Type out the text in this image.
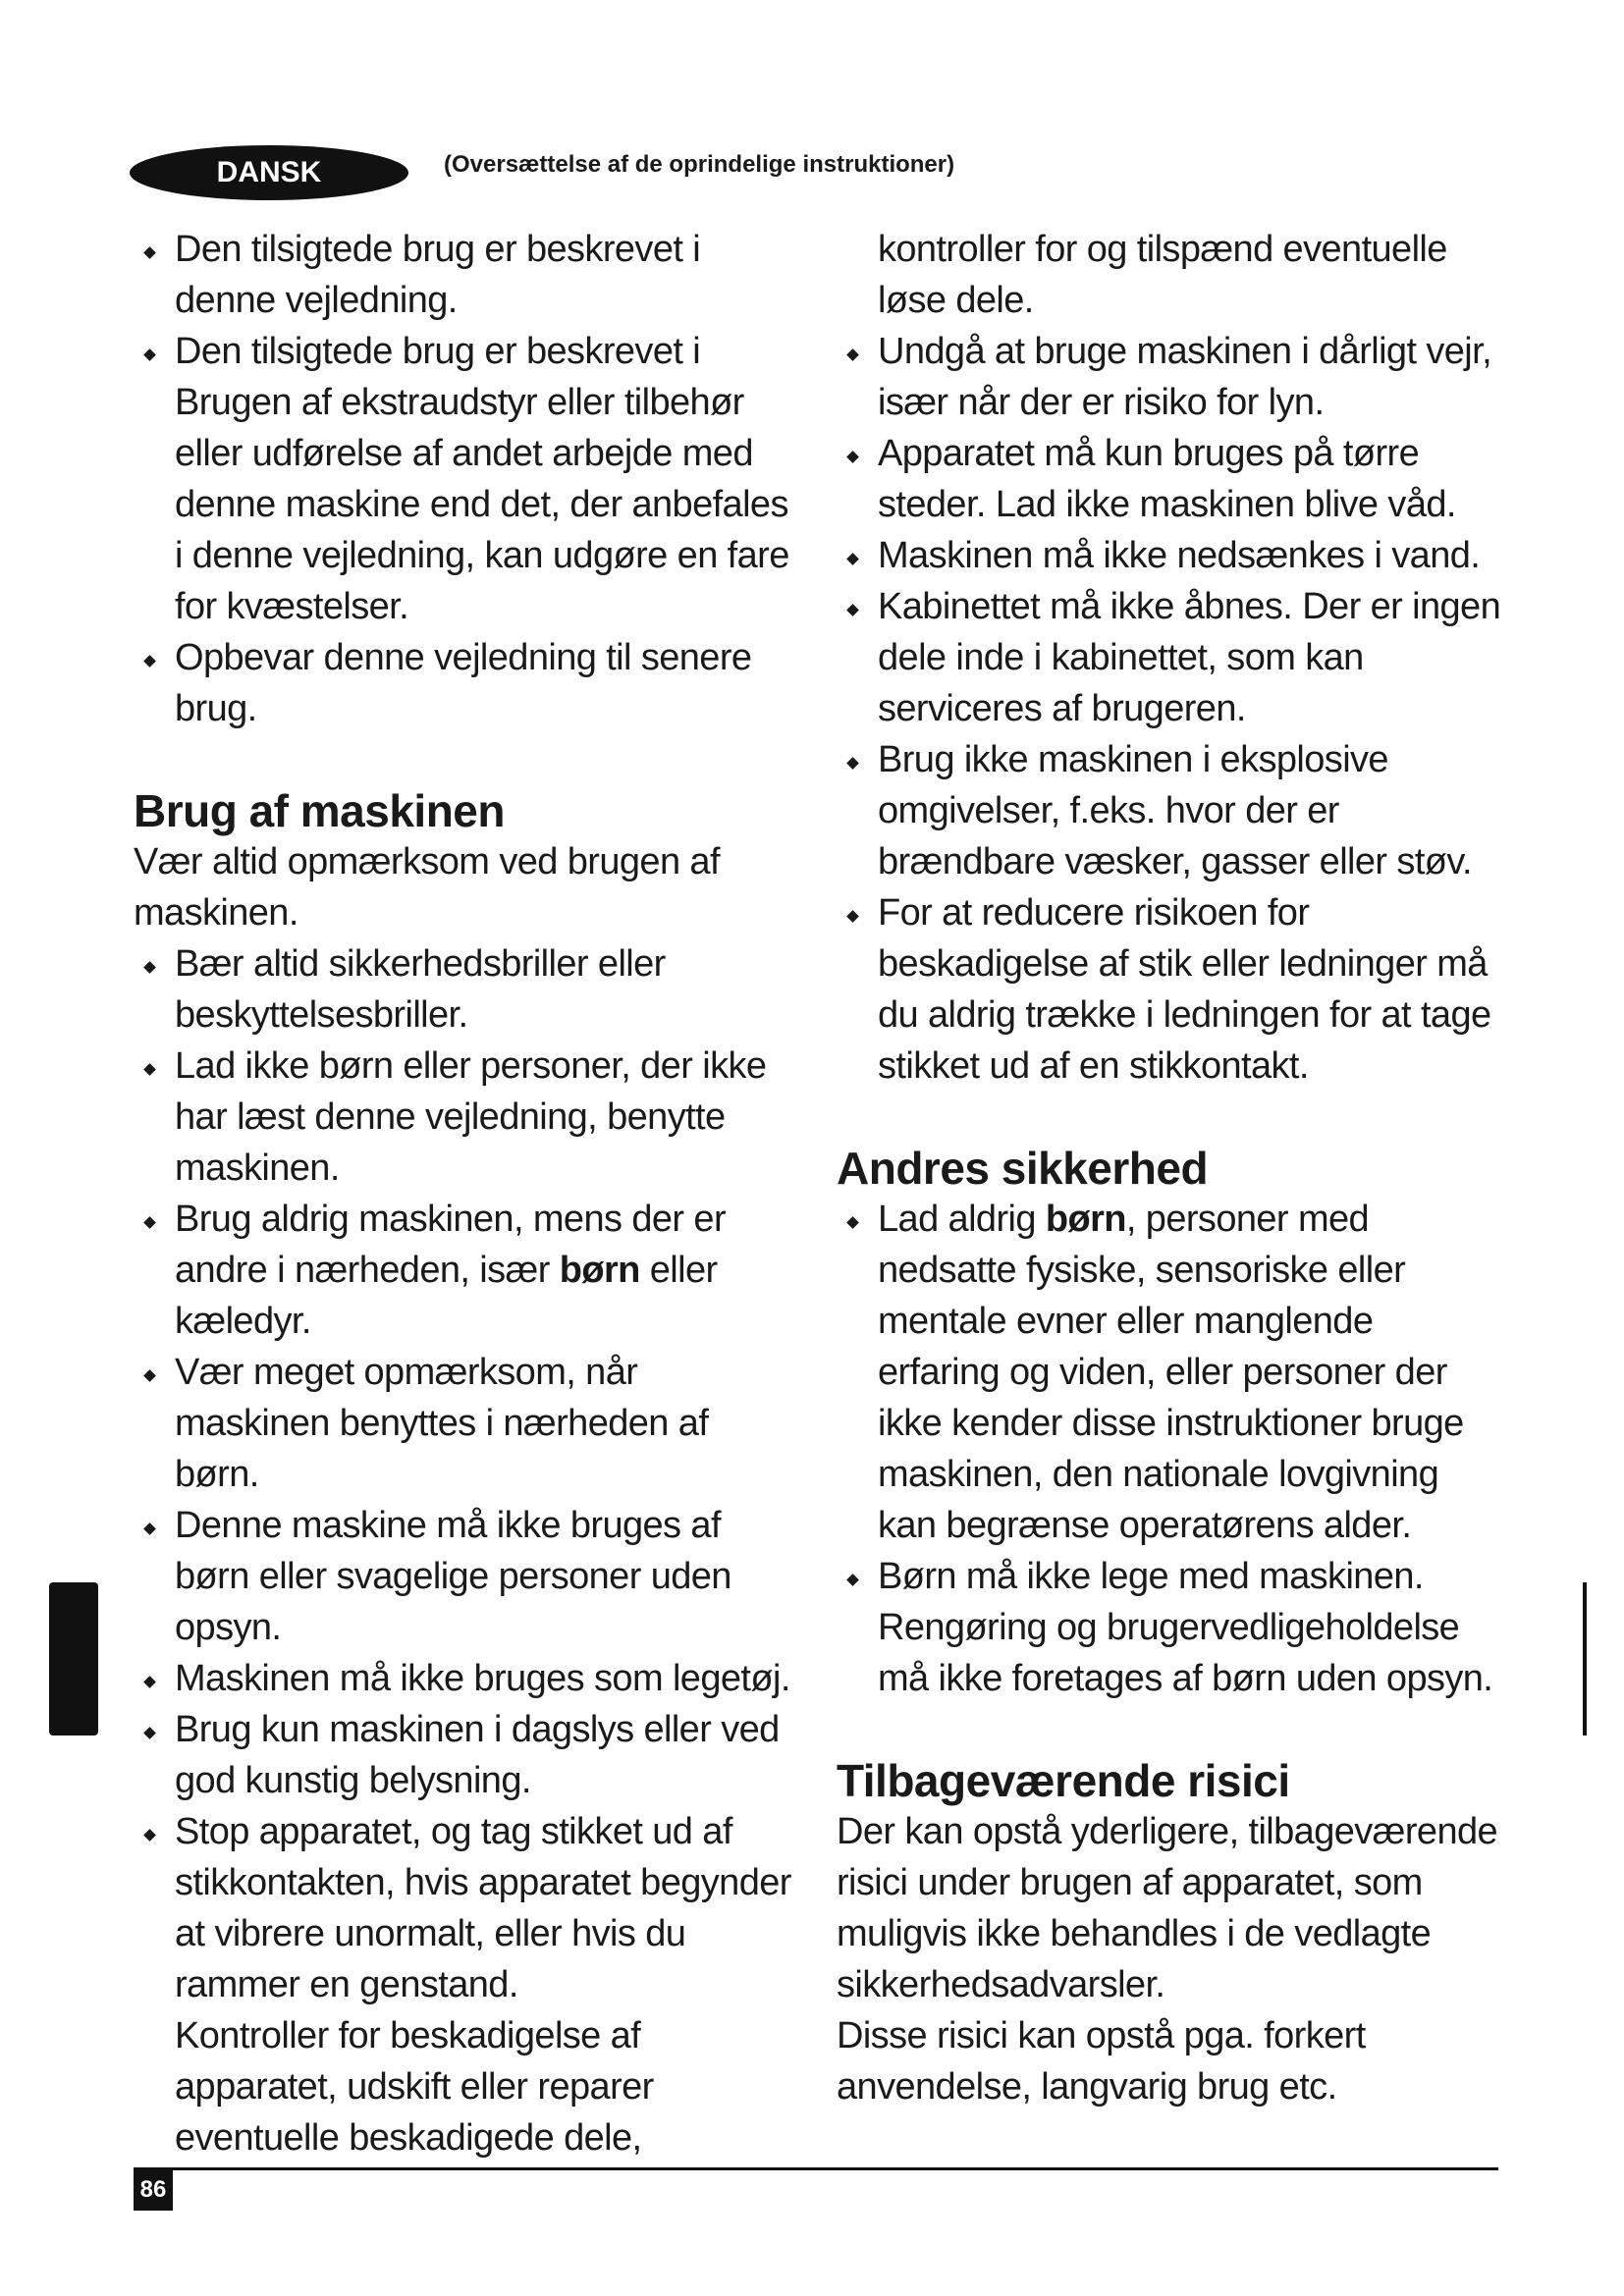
DANSK	(Oversættelse af de oprindelige instruktioner)
Den tilsigtede brug er beskrevet i denne vejledning.
Den tilsigtede brug er beskrevet i Brugen af ekstraudstyr eller tilbehør eller udførelse af andet arbejde med denne maskine end det, der anbefales i denne vejledning, kan udgøre en fare for kvæstelser.
Opbevar denne vejledning til senere brug.
Brug af maskinen
Vær altid opmærksom ved brugen af maskinen.
Bær altid sikkerhedsbriller eller beskyttelsesbriller.
Lad ikke børn eller personer, der ikke har læst denne vejledning, benytte maskinen.
Brug aldrig maskinen, mens der er andre i nærheden, især børn eller kæledyr.
Vær meget opmærksom, når maskinen benyttes i nærheden af børn.
Denne maskine må ikke bruges af børn eller svagelige personer uden opsyn.
Maskinen må ikke bruges som legetøj.
Brug kun maskinen i dagslys eller ved god kunstig belysning.
Stop apparatet, og tag stikket ud af stikkontakten, hvis apparatet begynder at vibrere unormalt, eller hvis du rammer en genstand.
Kontroller for beskadigelse af apparatet, udskift eller reparer eventuelle beskadigede dele,
kontroller for og tilspænd eventuelle løse dele.
Undgå at bruge maskinen i dårligt vejr, især når der er risiko for lyn.
Apparatet må kun bruges på tørre steder. Lad ikke maskinen blive våd.
Maskinen må ikke nedsænkes i vand.
Kabinettet må ikke åbnes. Der er ingen dele inde i kabinettet, som kan serviceres af brugeren.
Brug ikke maskinen i eksplosive omgivelser, f.eks. hvor der er brændbare væsker, gasser eller støv.
For at reducere risikoen for beskadigelse af stik eller ledninger må du aldrig trække i ledningen for at tage stikket ud af en stikkontakt.
Andres sikkerhed
Lad aldrig børn, personer med nedsatte fysiske, sensoriske eller mentale evner eller manglende erfaring og viden, eller personer der ikke kender disse instruktioner bruge maskinen, den nationale lovgivning kan begrænse operatørens alder.
Børn må ikke lege med maskinen. Rengøring og brugervedligeholdelse må ikke foretages af børn uden opsyn.
Tilbageværende risici
Der kan opstå yderligere, tilbageværende risici under brugen af apparatet, som muligvis ikke behandles i de vedlagte sikkerhedsadvarsler.
Disse risici kan opstå pga. forkert anvendelse, langvarig brug etc.
86
